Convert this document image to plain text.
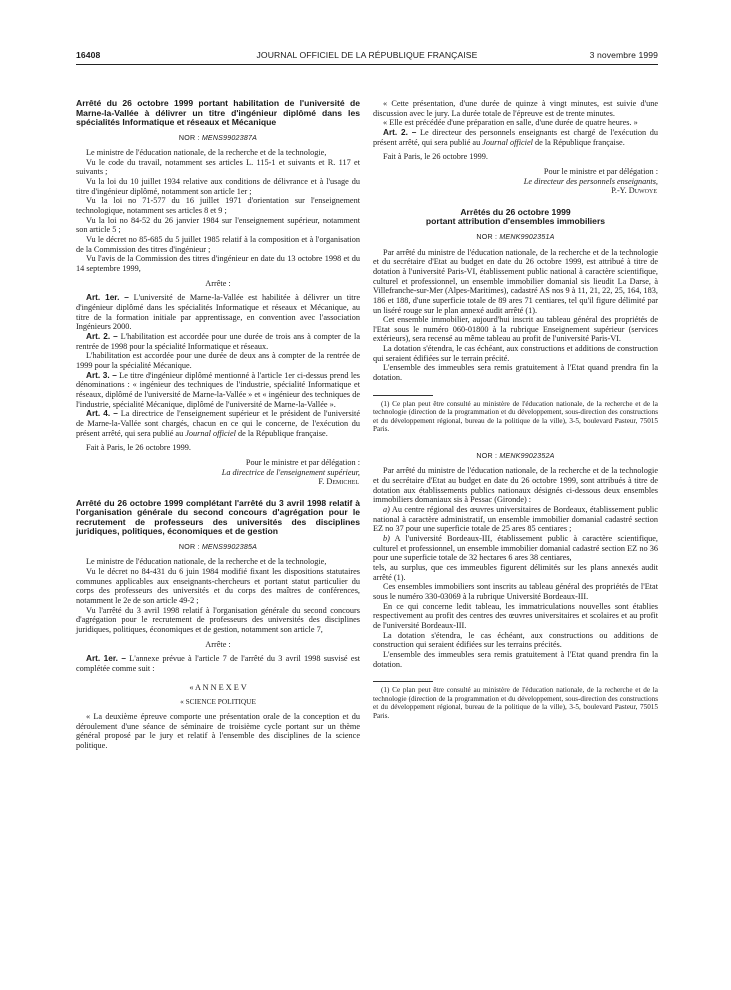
16408	JOURNAL OFFICIEL DE LA RÉPUBLIQUE FRANÇAISE	3 novembre 1999
Arrêté du 26 octobre 1999 portant habilitation de l'université de Marne-la-Vallée à délivrer un titre d'ingénieur diplômé dans les spécialités Informatique et réseaux et Mécanique
NOR : MENS9902387A

Le ministre de l'éducation nationale, de la recherche et de la technologie,

Vu le code du travail, notamment ses articles L. 115-1 et suivants et R. 117 et suivants ;

Vu la loi du 10 juillet 1934 relative aux conditions de délivrance et à l'usage du titre d'ingénieur diplômé, notamment son article 1er ;

Vu la loi no 71-577 du 16 juillet 1971 d'orientation sur l'enseignement technologique, notamment ses articles 8 et 9 ;

Vu la loi no 84-52 du 26 janvier 1984 sur l'enseignement supérieur, notamment son article 5 ;

Vu le décret no 85-685 du 5 juillet 1985 relatif à la composition et à l'organisation de la Commission des titres d'ingénieur ;

Vu l'avis de la Commission des titres d'ingénieur en date du 13 octobre 1998 et du 14 septembre 1999,

Arrête :

Art. 1er. – L'université de Marne-la-Vallée est habilitée à délivrer un titre d'ingénieur diplômé dans les spécialités Informatique et réseaux et Mécanique, au titre de la formation initiale par apprentissage, en convention avec l'association Ingénieurs 2000.

Art. 2. – L'habilitation est accordée pour une durée de trois ans à compter de la rentrée de 1998 pour la spécialité Informatique et réseaux.

L'habilitation est accordée pour une durée de deux ans à compter de la rentrée de 1999 pour la spécialité Mécanique.

Art. 3. – Le titre d'ingénieur diplômé mentionné à l'article 1er ci-dessus prend les dénominations : « ingénieur des techniques de l'industrie, spécialité Informatique et réseaux, diplômé de l'université de Marne-la-Vallée » et « ingénieur des techniques de l'industrie, spécialité Mécanique, diplômé de l'université de Marne-la-Vallée ».

Art. 4. – La directrice de l'enseignement supérieur et le président de l'université de Marne-la-Vallée sont chargés, chacun en ce qui le concerne, de l'exécution du présent arrêté, qui sera publié au Journal officiel de la République française.

Fait à Paris, le 26 octobre 1999.

Pour le ministre et par délégation :
La directrice de l'enseignement supérieur,
F. Demichel

Arrêté du 26 octobre 1999 complétant l'arrêté du 3 avril 1998 relatif à l'organisation générale du second concours d'agrégation pour le recrutement de professeurs des universités des disciplines juridiques, politiques, économiques et de gestion
NOR : MENS9902385A

Le ministre de l'éducation nationale, de la recherche et de la technologie,

Vu le décret no 84-431 du 6 juin 1984 modifié fixant les dispositions statutaires communes applicables aux enseignants-chercheurs et portant statut particulier du corps des professeurs des universités et du corps des maîtres de conférences, notamment le 2e de son article 49-2 ;

Vu l'arrêté du 3 avril 1998 relatif à l'organisation générale du second concours d'agrégation pour le recrutement de professeurs des universités des disciplines juridiques, politiques, économiques et de gestion, notamment son article 7,

Arrête :

Art. 1er. – L'annexe prévue à l'article 7 de l'arrêté du 3 avril 1998 susvisé est complétée comme suit :

« A N N E X E V

« SCIENCE POLITIQUE

« La deuxième épreuve comporte une présentation orale de la conception et du déroulement d'une séance de séminaire de troisième cycle portant sur un thème général proposé par le jury et relatif à l'ensemble des disciplines de la science politique.

« Cette présentation, d'une durée de quinze à vingt minutes, est suivie d'une discussion avec le jury. La durée totale de l'épreuve est de trente minutes.

« Elle est précédée d'une préparation en salle, d'une durée de quatre heures. »

Art. 2. – Le directeur des personnels enseignants est chargé de l'exécution du présent arrêté, qui sera publié au Journal officiel de la République française.

Fait à Paris, le 26 octobre 1999.

Pour le ministre et par délégation :
Le directeur des personnels enseignants,
P.-Y. Duwoye

Arrêtés du 26 octobre 1999
portant attribution d'ensembles immobiliers
NOR : MENK9902351A

Par arrêté du ministre de l'éducation nationale, de la recherche et de la technologie et du secrétaire d'Etat au budget en date du 26 octobre 1999, est attribué à titre de dotation à l'université Paris-VI, établissement public national à caractère scientifique, culturel et professionnel, un ensemble immobilier domanial sis lieudit La Darse, à Villefranche-sur-Mer (Alpes-Maritimes), cadastré AS nos 9 à 11, 21, 22, 25, 164, 183, 186 et 188, d'une superficie totale de 89 ares 71 centiares, tel qu'il figure délimité par un liséré rouge sur le plan annexé audit arrêté (1).

Cet ensemble immobilier, aujourd'hui inscrit au tableau général des propriétés de l'Etat sous le numéro 060-01800 à la rubrique Enseignement supérieur (services extérieurs), sera recensé au même tableau au profit de l'université Paris-VI.

La dotation s'étendra, le cas échéant, aux constructions et additions de construction qui seraient édifiées sur le terrain précité.

L'ensemble des immeubles sera remis gratuitement à l'Etat quand prendra fin la dotation.

(1) Ce plan peut être consulté au ministère de l'éducation nationale, de la recherche et de la technologie (direction de la programmation et du développement, sous-direction des constructions et du développement régional, bureau de la politique de la ville), 3-5, boulevard Pasteur, 75015 Paris.

NOR : MENK9902352A

Par arrêté du ministre de l'éducation nationale, de la recherche et de la technologie et du secrétaire d'Etat au budget en date du 26 octobre 1999, sont attribués à titre de dotation aux établissements publics nationaux désignés ci-dessous deux ensembles immobiliers domaniaux sis à Pessac (Gironde) :

a) Au centre régional des œuvres universitaires de Bordeaux, établissement public national à caractère administratif, un ensemble immobilier domanial cadastré section EZ no 37 pour une superficie totale de 25 ares 85 centiares ;

b) A l'université Bordeaux-III, établissement public à caractère scientifique, culturel et professionnel, un ensemble immobilier domanial cadastré section EZ no 36 pour une superficie totale de 32 hectares 6 ares 38 centiares,

tels, au surplus, que ces immeubles figurent délimités sur les plans annexés audit arrêté (1).

Ces ensembles immobiliers sont inscrits au tableau général des propriétés de l'Etat sous le numéro 330-03069 à la rubrique Université Bordeaux-III.

En ce qui concerne ledit tableau, les immatriculations nouvelles sont établies respectivement au profit des centres des œuvres universitaires et scolaires et au profit de l'université Bordeaux-III.

La dotation s'étendra, le cas échéant, aux constructions ou additions de construction qui seraient édifiées sur les terrains précités.

L'ensemble des immeubles sera remis gratuitement à l'Etat quand prendra fin la dotation.

(1) Ce plan peut être consulté au ministère de l'éducation nationale, de la recherche et de la technologie (direction de la programmation et du développement, sous-direction des constructions et du développement régional, bureau de la politique de la ville), 3-5, boulevard Pasteur, 75015 Paris.
